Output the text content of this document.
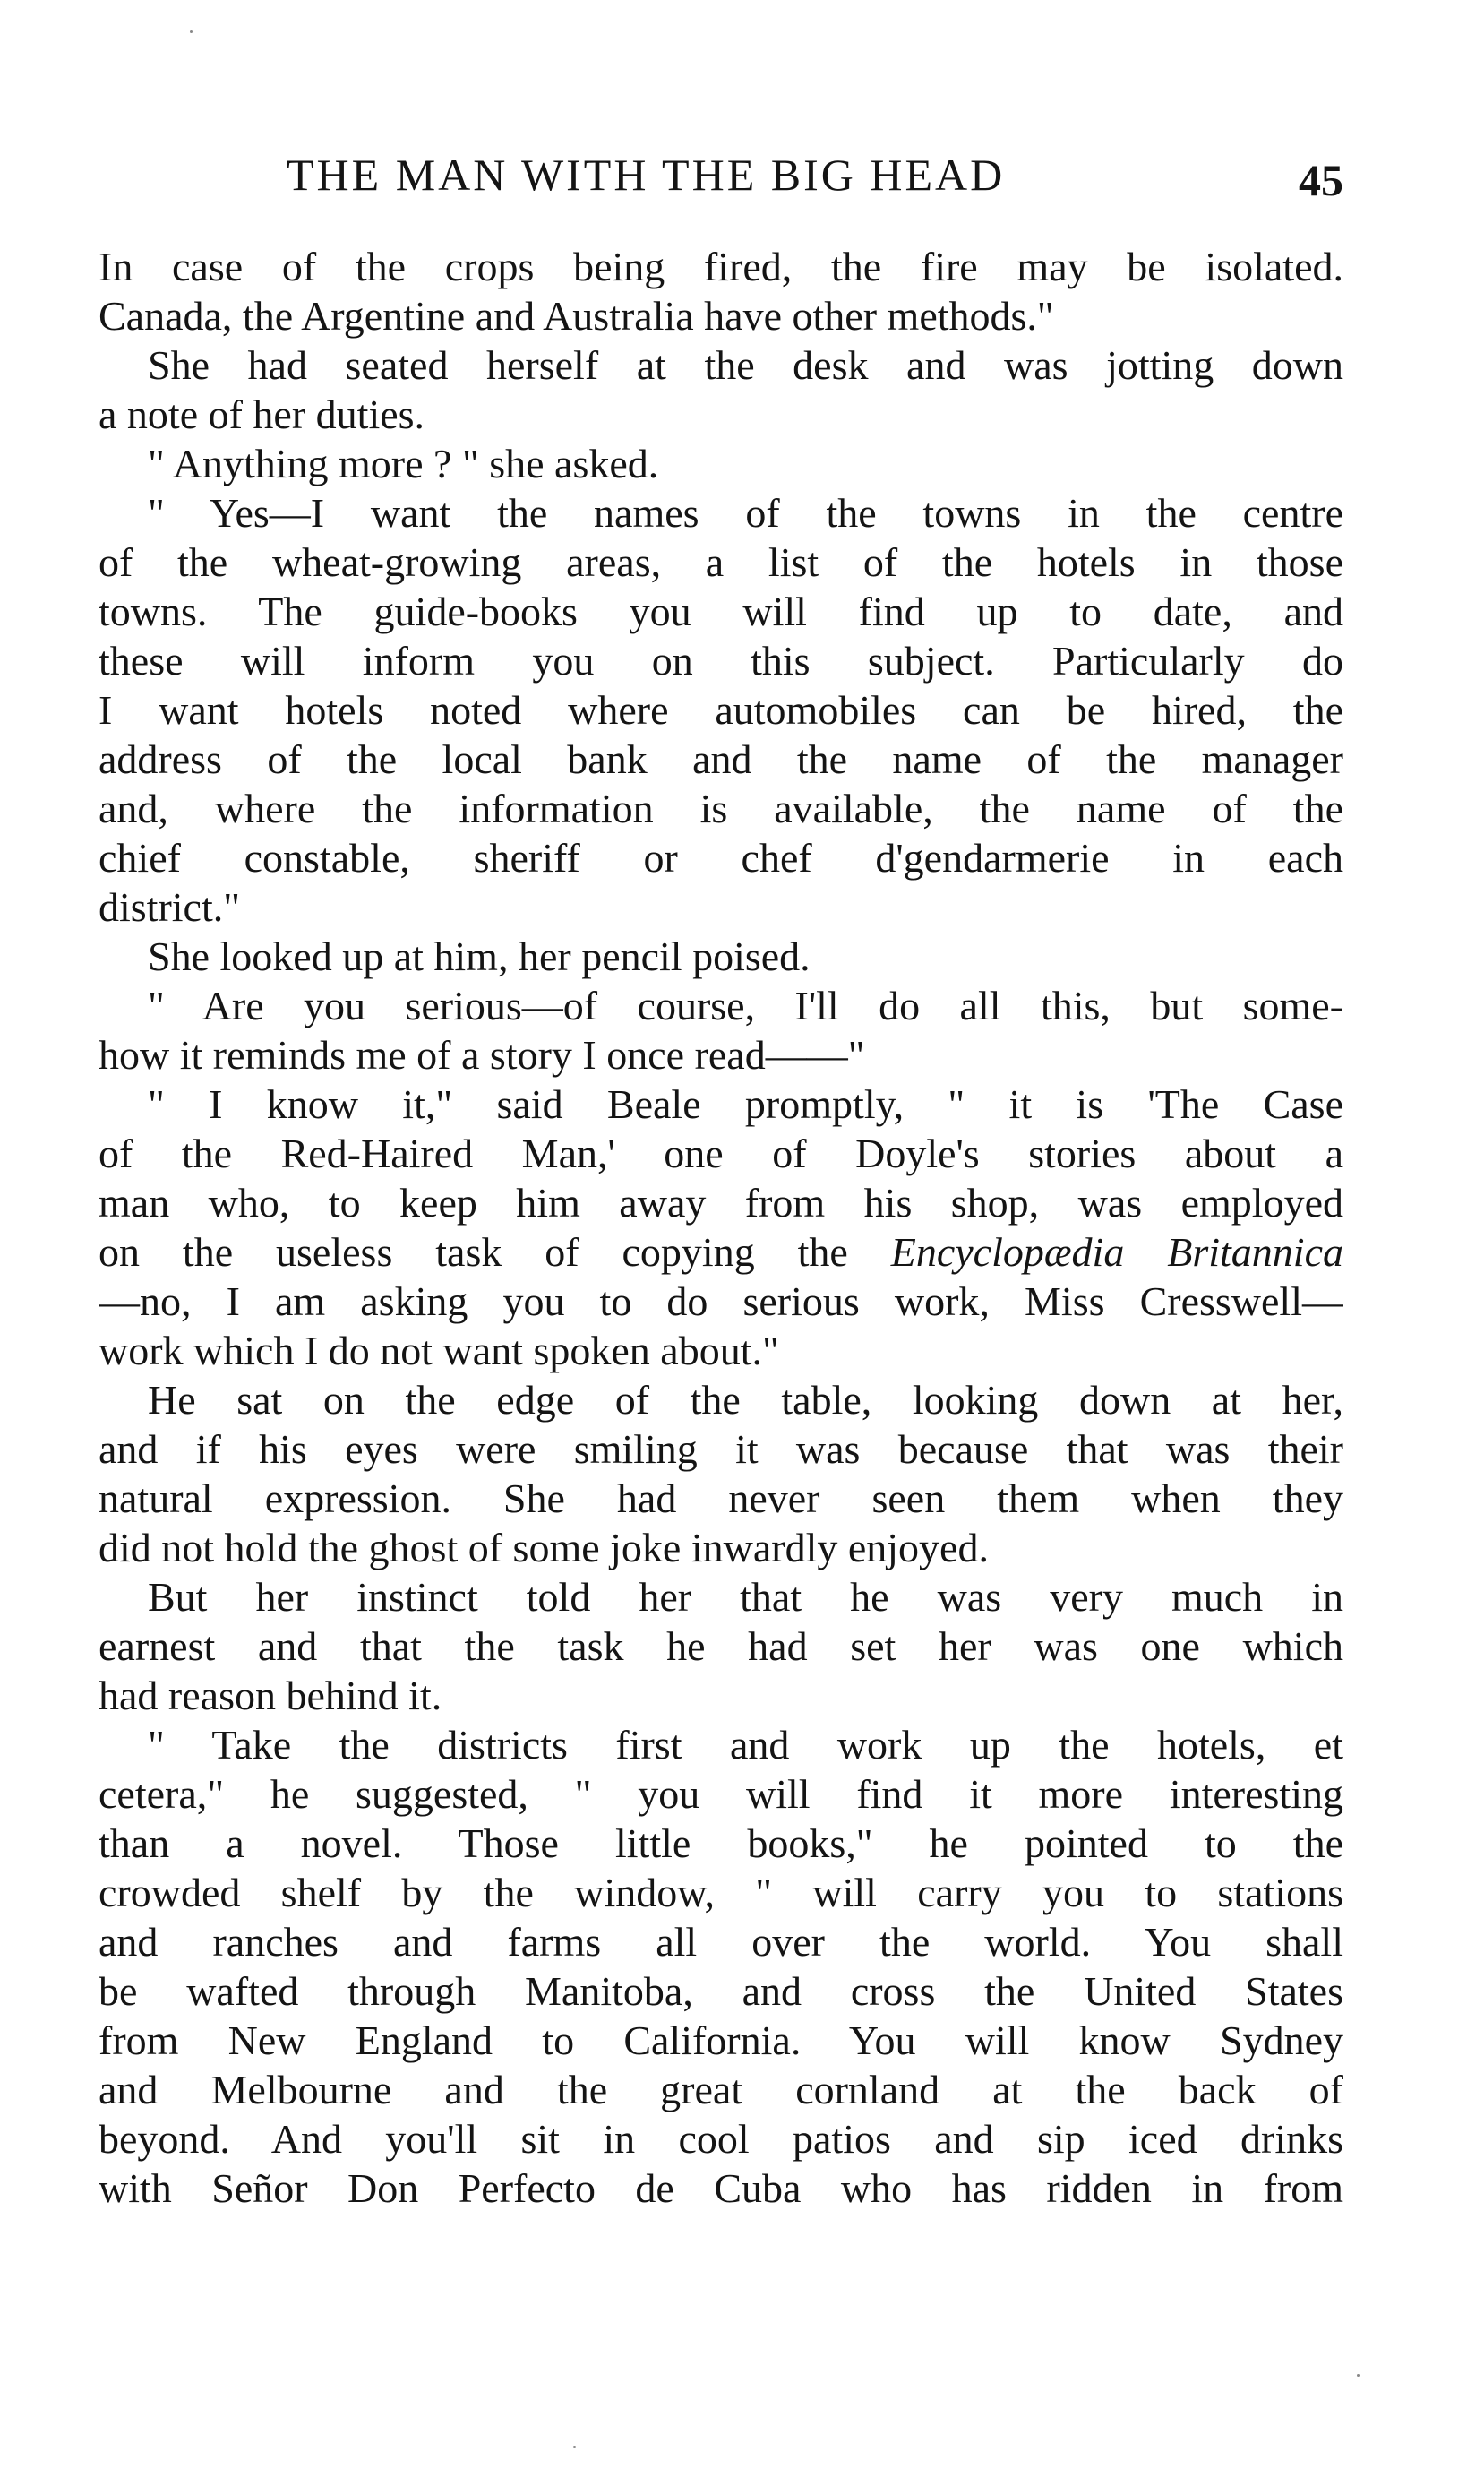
THE MAN WITH THE BIG HEAD	45
In case of the crops being fired, the fire may be isolated.
Canada, the Argentine and Australia have other methods."
She had seated herself at the desk and was jotting down
a note of her duties.
" Anything more ? " she asked.
" Yes—I want the names of the towns in the centre
of the wheat-growing areas, a list of the hotels in those
towns. The guide-books you will find up to date, and
these will inform you on this subject. Particularly do
I want hotels noted where automobiles can be hired, the
address of the local bank and the name of the manager
and, where the information is available, the name of the
chief constable, sheriff or chef d'gendarmerie in each
district."
She looked up at him, her pencil poised.
" Are you serious—of course, I'll do all this, but some-
how it reminds me of a story I once read——"
" I know it," said Beale promptly, " it is 'The Case
of the Red-Haired Man,' one of Doyle's stories about a
man who, to keep him away from his shop, was employed
on the useless task of copying the Encyclopædia Britannica
—no, I am asking you to do serious work, Miss Cresswell—
work which I do not want spoken about."
He sat on the edge of the table, looking down at her,
and if his eyes were smiling it was because that was their
natural expression. She had never seen them when they
did not hold the ghost of some joke inwardly enjoyed.
But her instinct told her that he was very much in
earnest and that the task he had set her was one which
had reason behind it.
" Take the districts first and work up the hotels, et
cetera," he suggested, " you will find it more interesting
than a novel. Those little books," he pointed to the
crowded shelf by the window, " will carry you to stations
and ranches and farms all over the world. You shall
be wafted through Manitoba, and cross the United States
from New England to California. You will know Sydney
and Melbourne and the great cornland at the back of
beyond. And you'll sit in cool patios and sip iced drinks
with Señor Don Perfecto de Cuba who has ridden in from
